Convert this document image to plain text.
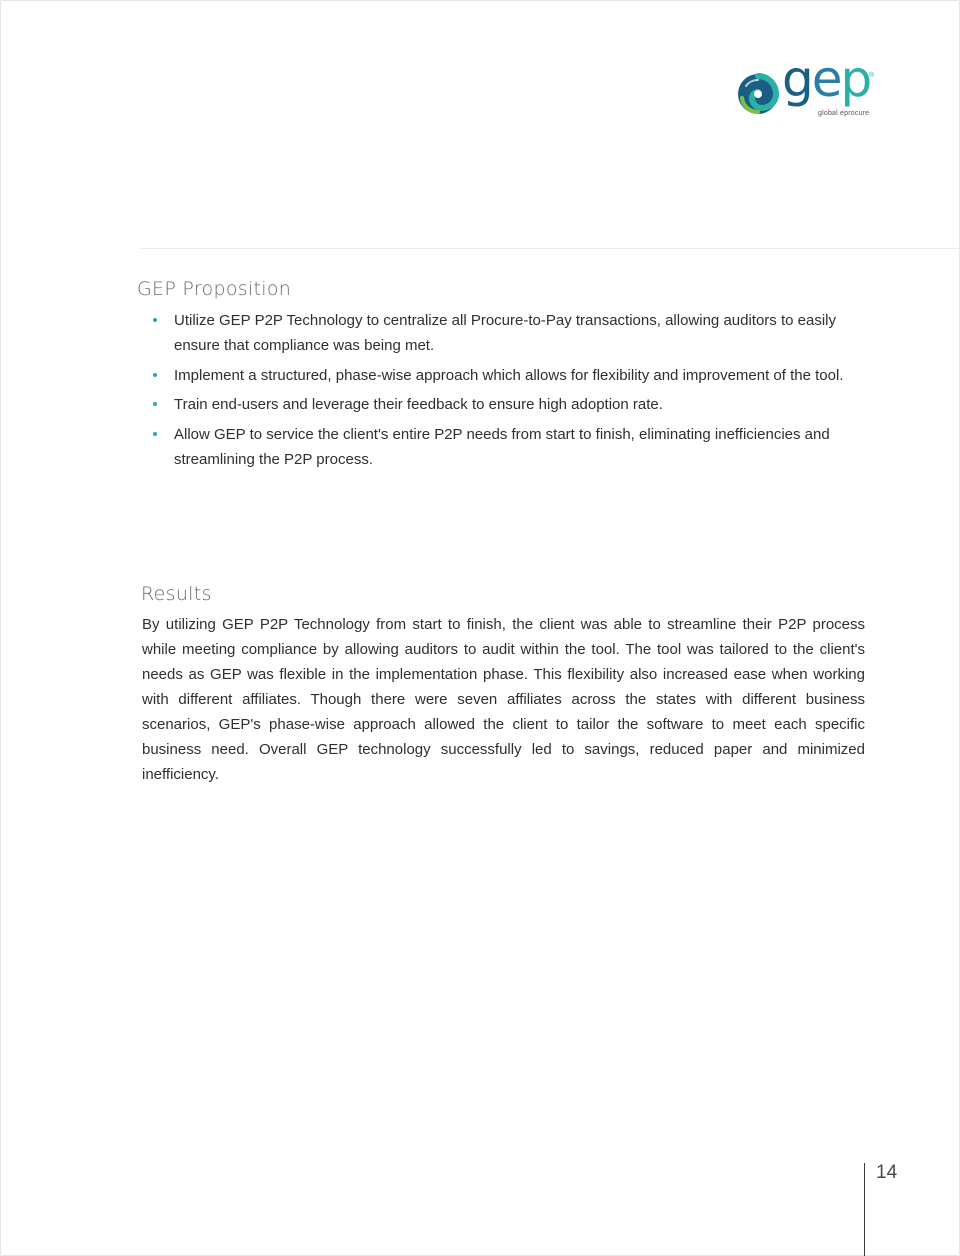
gep
®
global eprocure
GEP Proposition
Utilize GEP P2P Technology to centralize all Procure-to-Pay transactions, allowing auditors to easily ensure that compliance was being met.
Implement a structured, phase-wise approach which allows for flexibility and improvement of the tool.
Train end-users and leverage their feedback to ensure high adoption rate.
Allow GEP to service the client's entire P2P needs from start to finish, eliminating inefficiencies and streamlining the P2P process.
Results

By utilizing GEP P2P Technology from start to finish, the client was able to streamline their P2P process while meeting compliance by allowing auditors to audit within the tool. The tool was tailored to the client's needs as GEP was flexible in the implementation phase. This flexibility also increased ease when working with different affiliates. Though there were seven affiliates across the states with different business scenarios, GEP's phase-wise approach allowed the client to tailor the software to meet each specific business need. Overall GEP technology successfully led to savings, reduced paper and minimized inefficiency.

14
